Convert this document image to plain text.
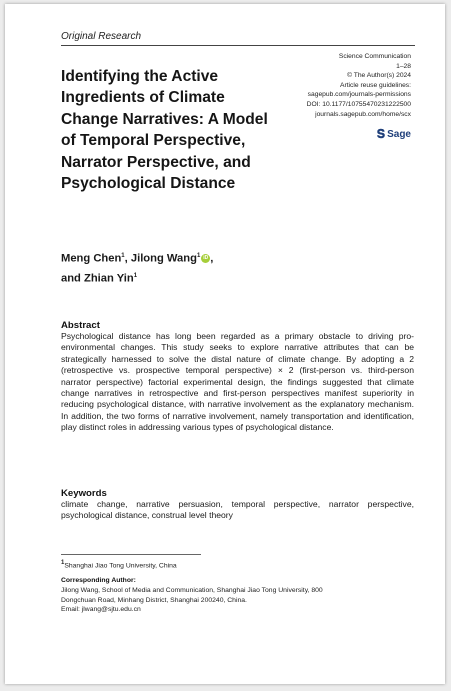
Original Research
Identifying the Active Ingredients of Climate Change Narratives: A Model of Temporal Perspective, Narrator Perspective, and Psychological Distance
Science Communication
1–28
© The Author(s) 2024
Article reuse guidelines:
sagepub.com/journals-permissions
DOI: 10.1177/10755470231222500
journals.sagepub.com/home/scx
𝐒 Sage
Meng Chen$^1$, Jilong Wang$^1$ iD ,
and Zhian Yin$^1$
Abstract
Psychological distance has long been regarded as a primary obstacle to driving pro-environmental changes. This study seeks to explore narrative attributes that can be strategically harnessed to solve the distal nature of climate change. By adopting a 2 (retrospective vs. prospective temporal perspective) × 2 (first-person vs. third-person narrator perspective) factorial experimental design, the findings suggested that climate change narratives in retrospective and first-person perspectives manifest superiority in reducing psychological distance, with narrative involvement as the explanatory mechanism. In addition, the two forms of narrative involvement, namely transportation and identification, play distinct roles in addressing various types of psychological distance.
Keywords
climate change, narrative persuasion, temporal perspective, narrator perspective, psychological distance, construal level theory
1Shanghai Jiao Tong University, China
Corresponding Author:
Jilong Wang, School of Media and Communication, Shanghai Jiao Tong University, 800
Dongchuan Road, Minhang District, Shanghai 200240, China.
Email: jlwang@sjtu.edu.cn
